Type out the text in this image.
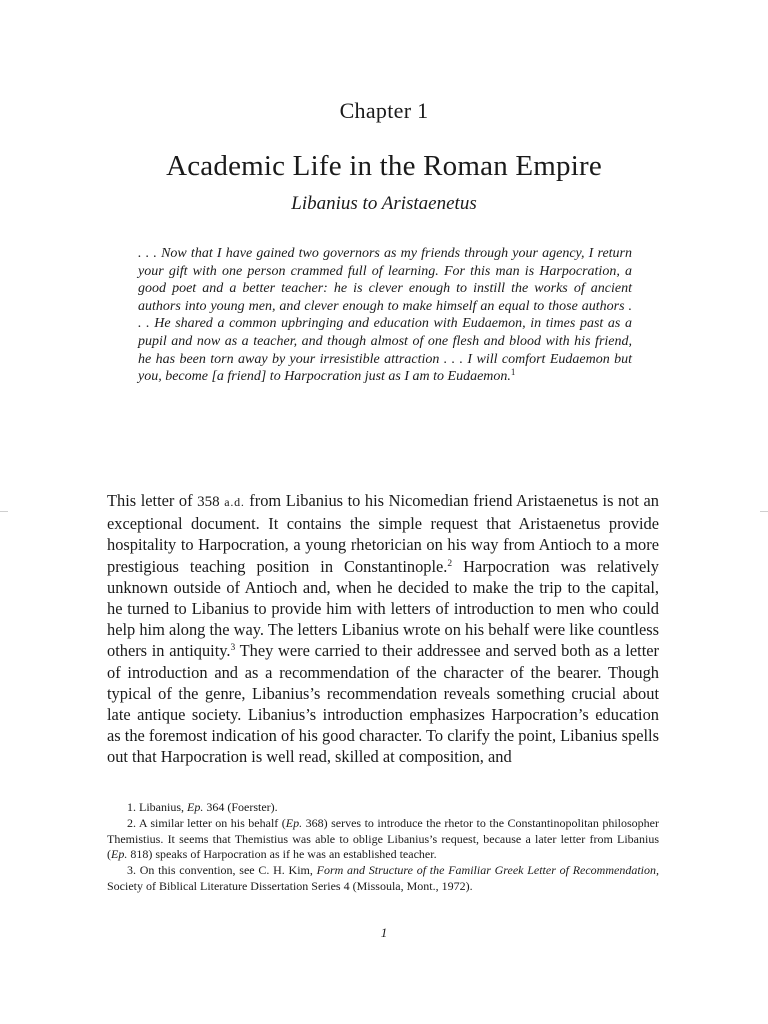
Chapter 1
Academic Life in the Roman Empire
Libanius to Aristaenetus
. . . Now that I have gained two governors as my friends through your agency, I return your gift with one person crammed full of learning. For this man is Harpocration, a good poet and a better teacher: he is clever enough to instill the works of ancient authors into young men, and clever enough to make himself an equal to those authors . . . He shared a common upbringing and education with Eudaemon, in times past as a pupil and now as a teacher, and though almost of one flesh and blood with his friend, he has been torn away by your irresistible attraction . . . I will comfort Eudaemon but you, become [a friend] to Harpocration just as I am to Eudaemon.$^1$
This letter of 358 a.d. from Libanius to his Nicomedian friend Aristaenetus is not an exceptional document. It contains the simple request that Aristaenetus provide hospitality to Harpocration, a young rhetorician on his way from Antioch to a more prestigious teaching position in Constantinople.$^2$ Harpocration was relatively unknown outside of Antioch and, when he decided to make the trip to the capital, he turned to Libanius to provide him with letters of introduction to men who could help him along the way. The letters Libanius wrote on his behalf were like countless others in antiquity.$^3$ They were carried to their addressee and served both as a letter of introduction and as a recommendation of the character of the bearer. Though typical of the genre, Libanius’s recommendation reveals something crucial about late antique society. Libanius’s introduction emphasizes Harpocration’s education as the foremost indication of his good character. To clarify the point, Libanius spells out that Harpocration is well read, skilled at composition, and

1. Libanius, Ep. 364 (Foerster).

2. A similar letter on his behalf (Ep. 368) serves to introduce the rhetor to the Constantinopolitan philosopher Themistius. It seems that Themistius was able to oblige Libanius’s request, because a later letter from Libanius (Ep. 818) speaks of Harpocration as if he was an established teacher.

3. On this convention, see C. H. Kim, Form and Structure of the Familiar Greek Letter of Recommendation, Society of Biblical Literature Dissertation Series 4 (Missoula, Mont., 1972).

1
